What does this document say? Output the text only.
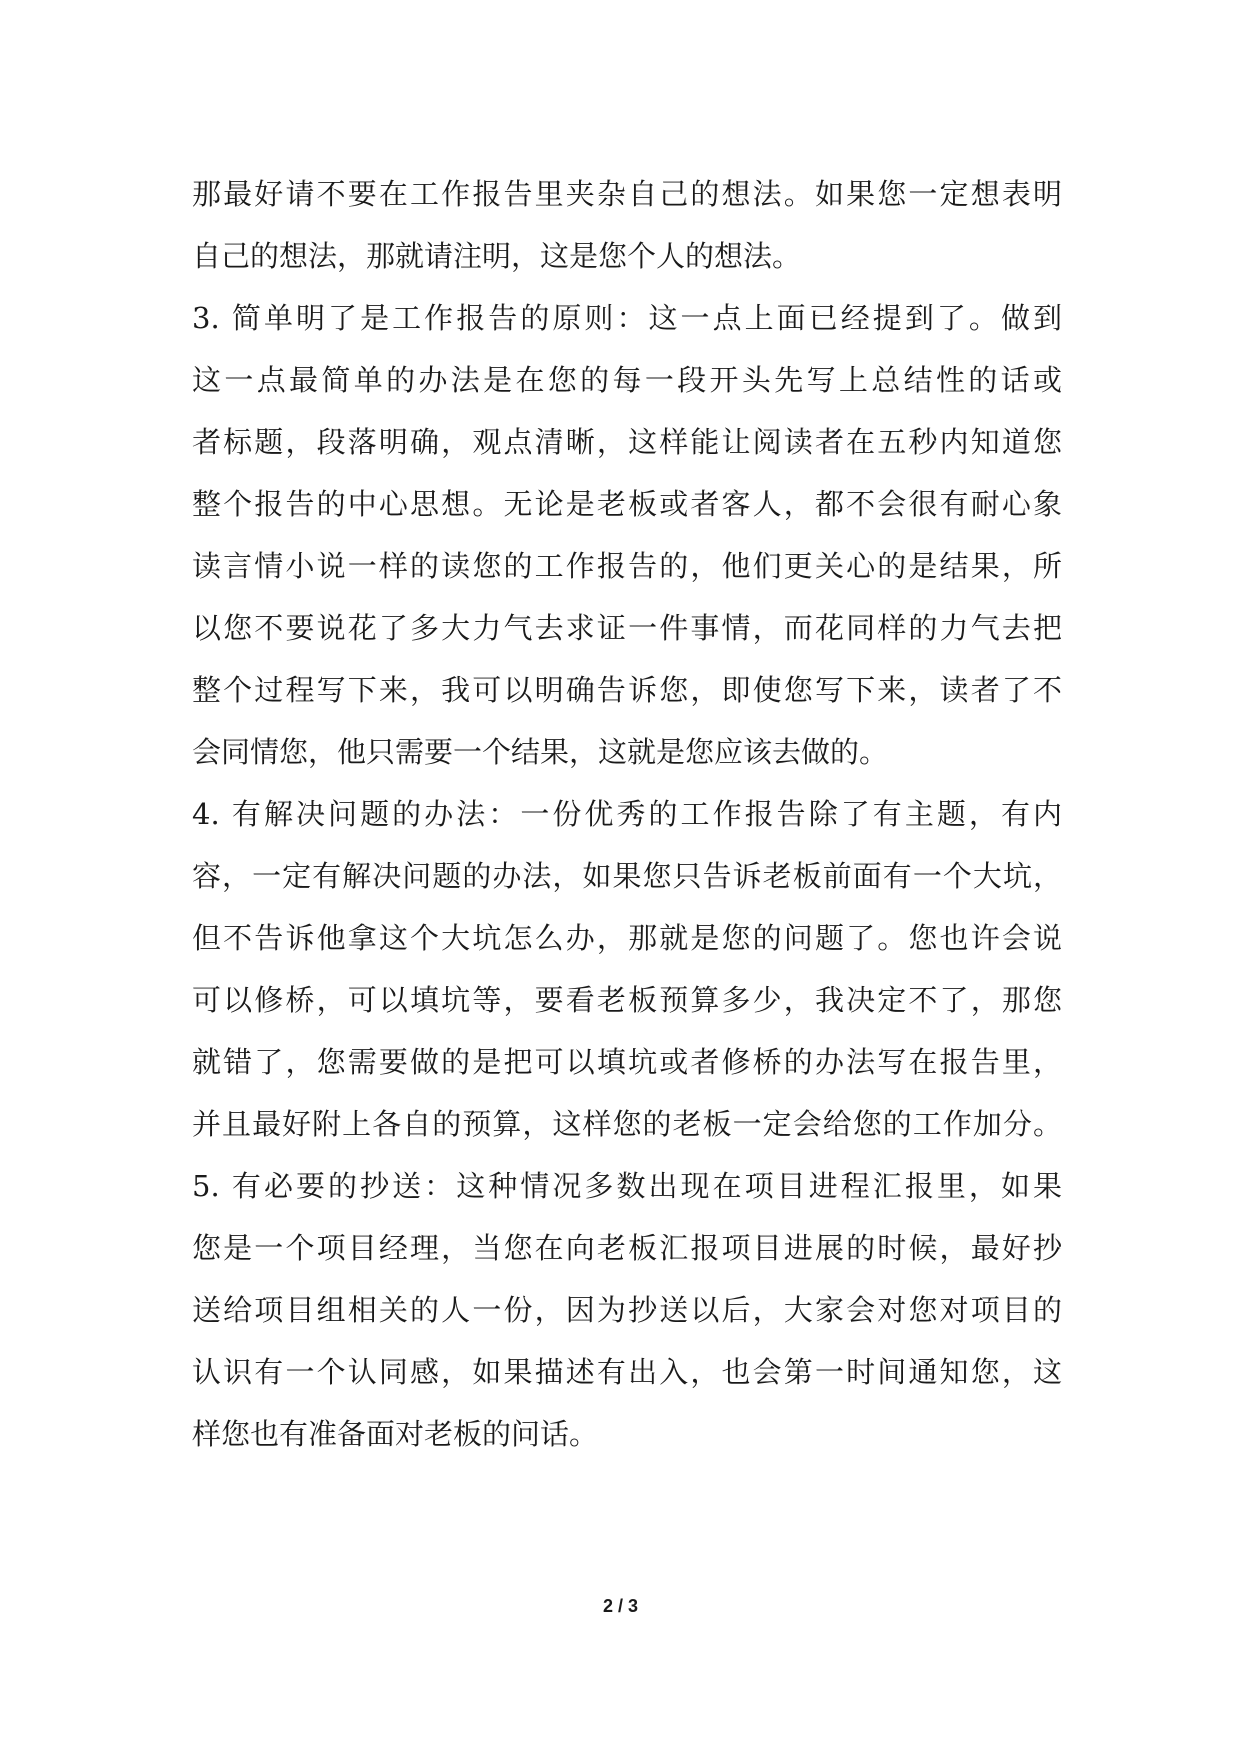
那最好请不要在工作报告里夹杂自己的想法。如果您一定想表明
自己的想法，那就请注明，这是您个人的想法。
3. 简单明了是工作报告的原则：这一点上面已经提到了。做到
这一点最简单的办法是在您的每一段开头先写上总结性的话或
者标题，段落明确，观点清晰，这样能让阅读者在五秒内知道您
整个报告的中心思想。无论是老板或者客人，都不会很有耐心象
读言情小说一样的读您的工作报告的，他们更关心的是结果，所
以您不要说花了多大力气去求证一件事情，而花同样的力气去把
整个过程写下来，我可以明确告诉您，即使您写下来，读者了不
会同情您，他只需要一个结果，这就是您应该去做的。
4. 有解决问题的办法：一份优秀的工作报告除了有主题，有内
容，一定有解决问题的办法，如果您只告诉老板前面有一个大坑，
但不告诉他拿这个大坑怎么办，那就是您的问题了。您也许会说
可以修桥，可以填坑等，要看老板预算多少，我决定不了，那您
就错了，您需要做的是把可以填坑或者修桥的办法写在报告里，
并且最好附上各自的预算，这样您的老板一定会给您的工作加分。
5. 有必要的抄送：这种情况多数出现在项目进程汇报里，如果
您是一个项目经理，当您在向老板汇报项目进展的时候，最好抄
送给项目组相关的人一份，因为抄送以后，大家会对您对项目的
认识有一个认同感，如果描述有出入，也会第一时间通知您，这
样您也有准备面对老板的问话。
2 / 3
